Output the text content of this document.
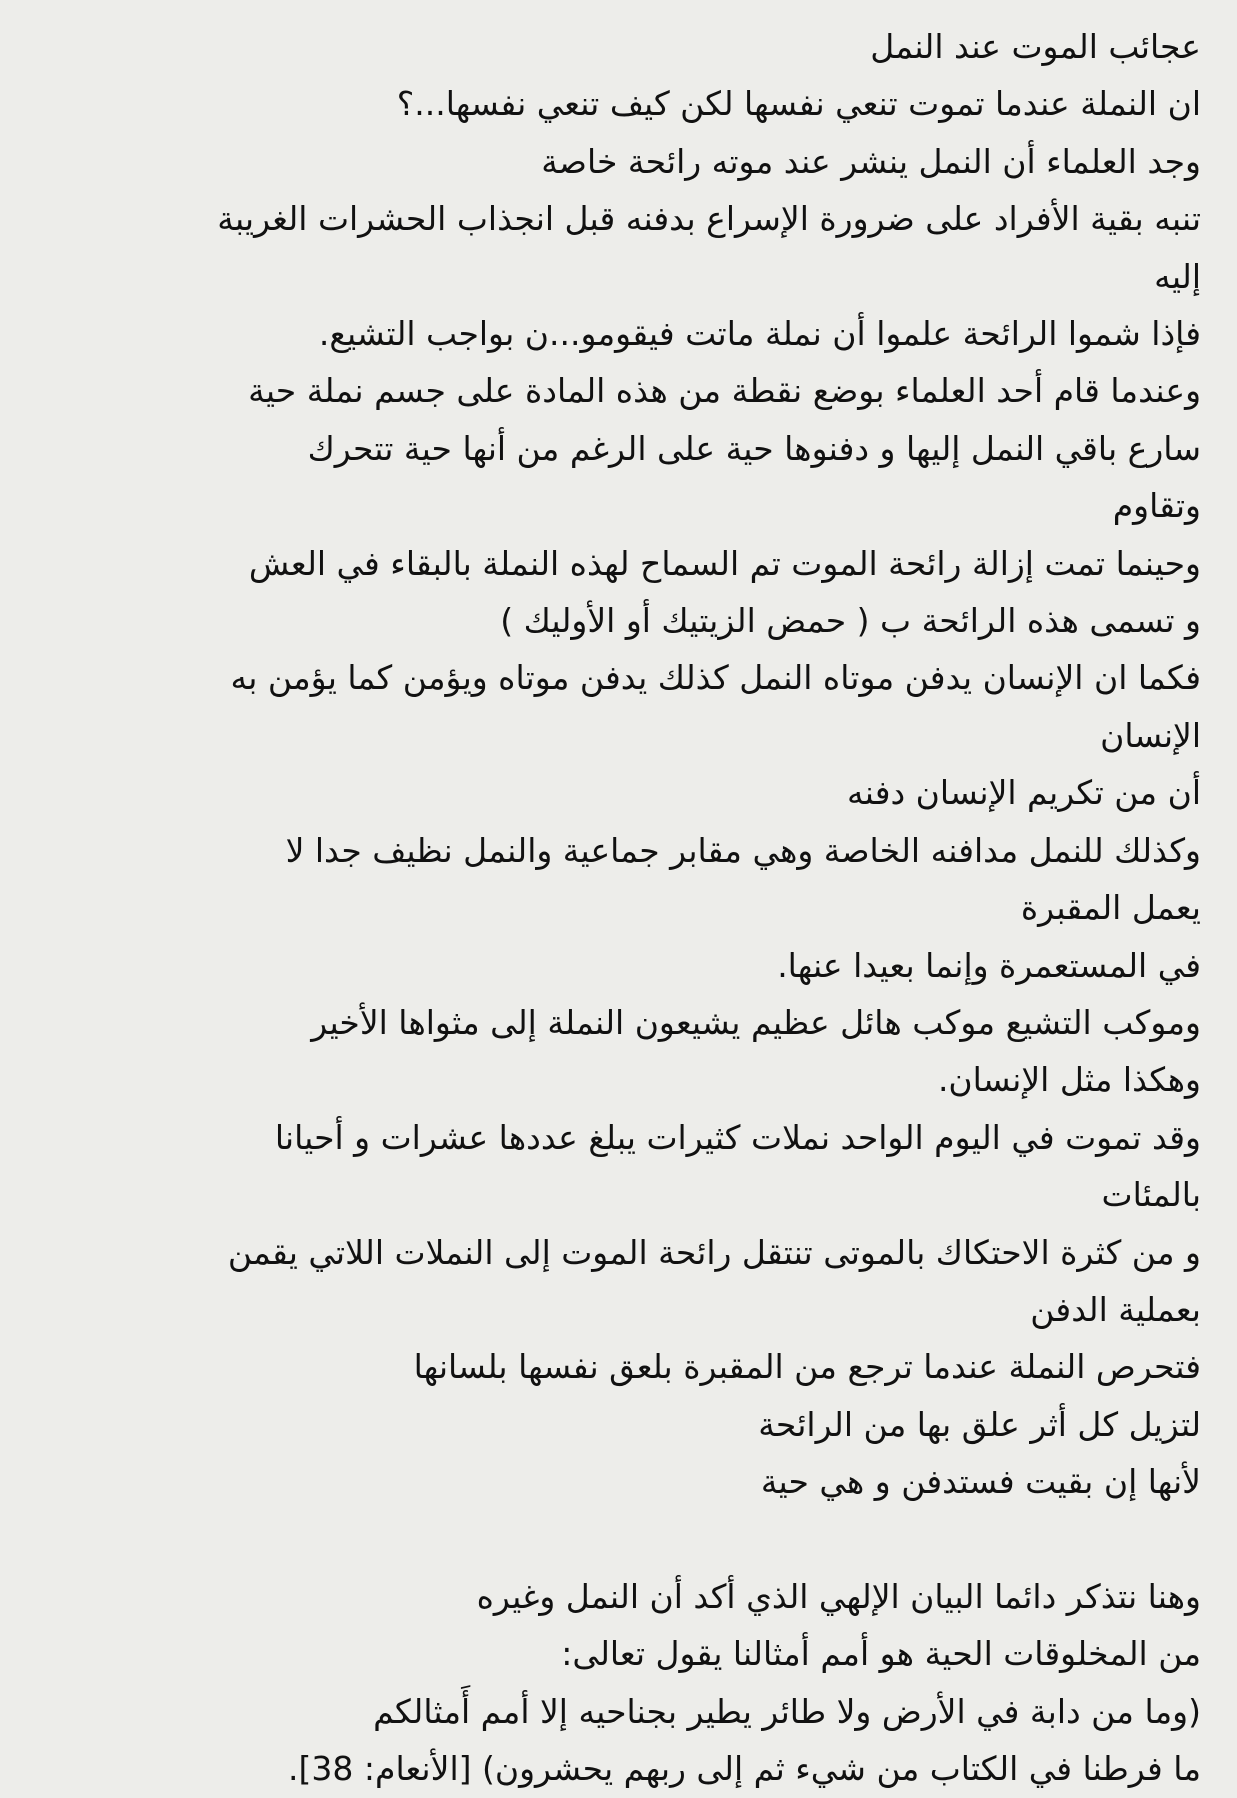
عجائب الموت عند النمل
ان النملة عندما تموت تنعي نفسها لكن كيف تنعي نفسها...؟
وجد العلماء أن النمل ينشر عند موته رائحة خاصة
تنبه بقية الأفراد على ضرورة الإسراع بدفنه قبل انجذاب الحشرات الغريبة
إليه
فإذا شموا الرائحة علموا أن نملة ماتت فيقومو...ن بواجب التشيع.
وعندما قام أحد العلماء بوضع نقطة من هذه المادة على جسم نملة حية
سارع باقي النمل إليها و دفنوها حية على الرغم من أنها حية تتحرك
وتقاوم
وحينما تمت إزالة رائحة الموت تم السماح لهذه النملة بالبقاء في العش
و تسمى هذه الرائحة ب ( حمض الزيتيك أو الأوليك )
فكما ان الإنسان يدفن موتاه النمل كذلك يدفن موتاه ويؤمن كما يؤمن به
الإنسان
أن من تكريم الإنسان دفنه
وكذلك للنمل مدافنه الخاصة وهي مقابر جماعية والنمل نظيف جدا لا
يعمل المقبرة
في المستعمرة وإنما بعيدا عنها.
وموكب التشيع موكب هائل عظيم يشيعون النملة إلى مثواها الأخير
وهكذا مثل الإنسان.
وقد تموت في اليوم الواحد نملات كثيرات يبلغ عددها عشرات و أحيانا
بالمئات
و من كثرة الاحتكاك بالموتى تنتقل رائحة الموت إلى النملات اللاتي يقمن
بعملية الدفن
فتحرص النملة عندما ترجع من المقبرة بلعق نفسها بلسانها
لتزيل كل أثر علق بها من الرائحة
لأنها إن بقيت فستدفن و هي حية
وهنا نتذكر دائما البيان الإلهي الذي أكد أن النمل وغيره
من المخلوقات الحية هو أمم أمثالنا يقول تعالى:
(وما من دابة في الأرض ولا طائر يطير بجناحيه إلا أمم أَمثالكم
ما فرطنا في الكتاب من شيء ثم إلى ربهم يحشرون) [الأنعام: 38].
